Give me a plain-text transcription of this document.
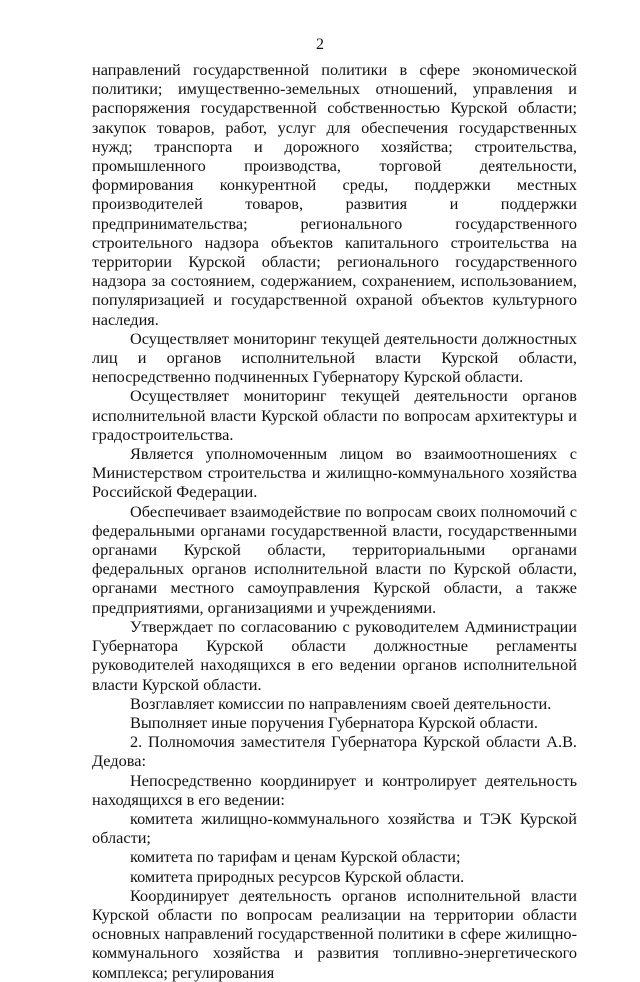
2

направлений государственной политики в сфере экономической политики; имущественно-земельных отношений, управления и распоряжения государственной собственностью Курской области; закупок товаров, работ, услуг для обеспечения государственных нужд; транспорта и дорожного хозяйства; строительства, промышленного производства, торговой деятельности, формирования конкурентной среды, поддержки местных производителей товаров, развития и поддержки предпринимательства; регионального государственного строительного надзора объектов капитального строительства на территории Курской области; регионального государственного надзора за состоянием, содержанием, сохранением, использованием, популяризацией и государственной охраной объектов культурного наследия.

Осуществляет мониторинг текущей деятельности должностных лиц и органов исполнительной власти Курской области, непосредственно подчиненных Губернатору Курской области.

Осуществляет мониторинг текущей деятельности органов исполнительной власти Курской области по вопросам архитектуры и градостроительства.

Является уполномоченным лицом во взаимоотношениях с Министерством строительства и жилищно-коммунального хозяйства Российской Федерации.

Обеспечивает взаимодействие по вопросам своих полномочий с федеральными органами государственной власти, государственными органами Курской области, территориальными органами федеральных органов исполнительной власти по Курской области, органами местного самоуправления Курской области, а также предприятиями, организациями и учреждениями.

Утверждает по согласованию с руководителем Администрации Губернатора Курской области должностные регламенты руководителей находящихся в его ведении органов исполнительной власти Курской области.

Возглавляет комиссии по направлениям своей деятельности.

Выполняет иные поручения Губернатора Курской области.

2. Полномочия заместителя Губернатора Курской области А.В. Дедова:

Непосредственно координирует и контролирует деятельность находящихся в его ведении:

комитета жилищно-коммунального хозяйства и ТЭК Курской области;

комитета по тарифам и ценам Курской области;

комитета природных ресурсов Курской области.

Координирует деятельность органов исполнительной власти Курской области по вопросам реализации на территории области основных направлений государственной политики в сфере жилищно-коммунального хозяйства и развития топливно-энергетического комплекса; регулирования
